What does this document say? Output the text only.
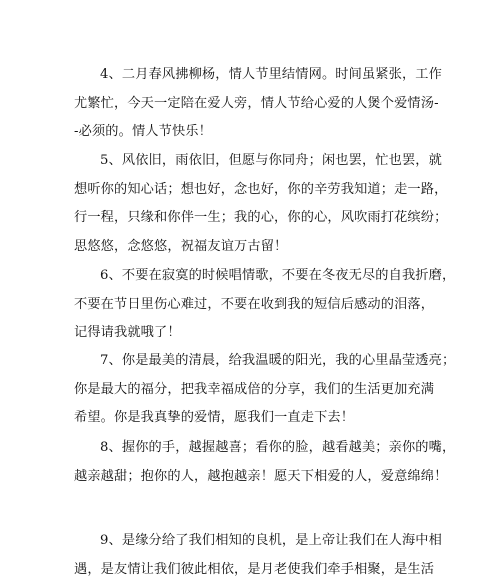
4、二月春风拂柳杨，情人节里结情网。时间虽紧张，工作
尤繁忙，今天一定陪在爱人旁，情人节给心爱的人煲个爱情汤-
-必须的。情人节快乐！
5、风依旧，雨依旧，但愿与你同舟；闲也罢，忙也罢，就
想听你的知心话；想也好，念也好，你的辛劳我知道；走一路，
行一程，只缘和你伴一生；我的心，你的心，风吹雨打花缤纷；
思悠悠，念悠悠，祝福友谊万古留！
6、不要在寂寞的时候唱情歌，不要在冬夜无尽的自我折磨，
不要在节日里伤心难过，不要在收到我的短信后感动的泪落，
记得请我就哦了！
7、你是最美的清晨，给我温暖的阳光，我的心里晶莹透亮；
你是最大的福分，把我幸福成倍的分享，我们的生活更加充满
希望。你是我真挚的爱情，愿我们一直走下去！
8、握你的手，越握越喜；看你的脸，越看越美；亲你的嘴，
越亲越甜；抱你的人，越抱越亲！愿天下相爱的人，爱意绵绵！
9、是缘分给了我们相知的良机，是上帝让我们在人海中相
遇，是友情让我们彼此相依，是月老使我们牵手相聚，是生活
